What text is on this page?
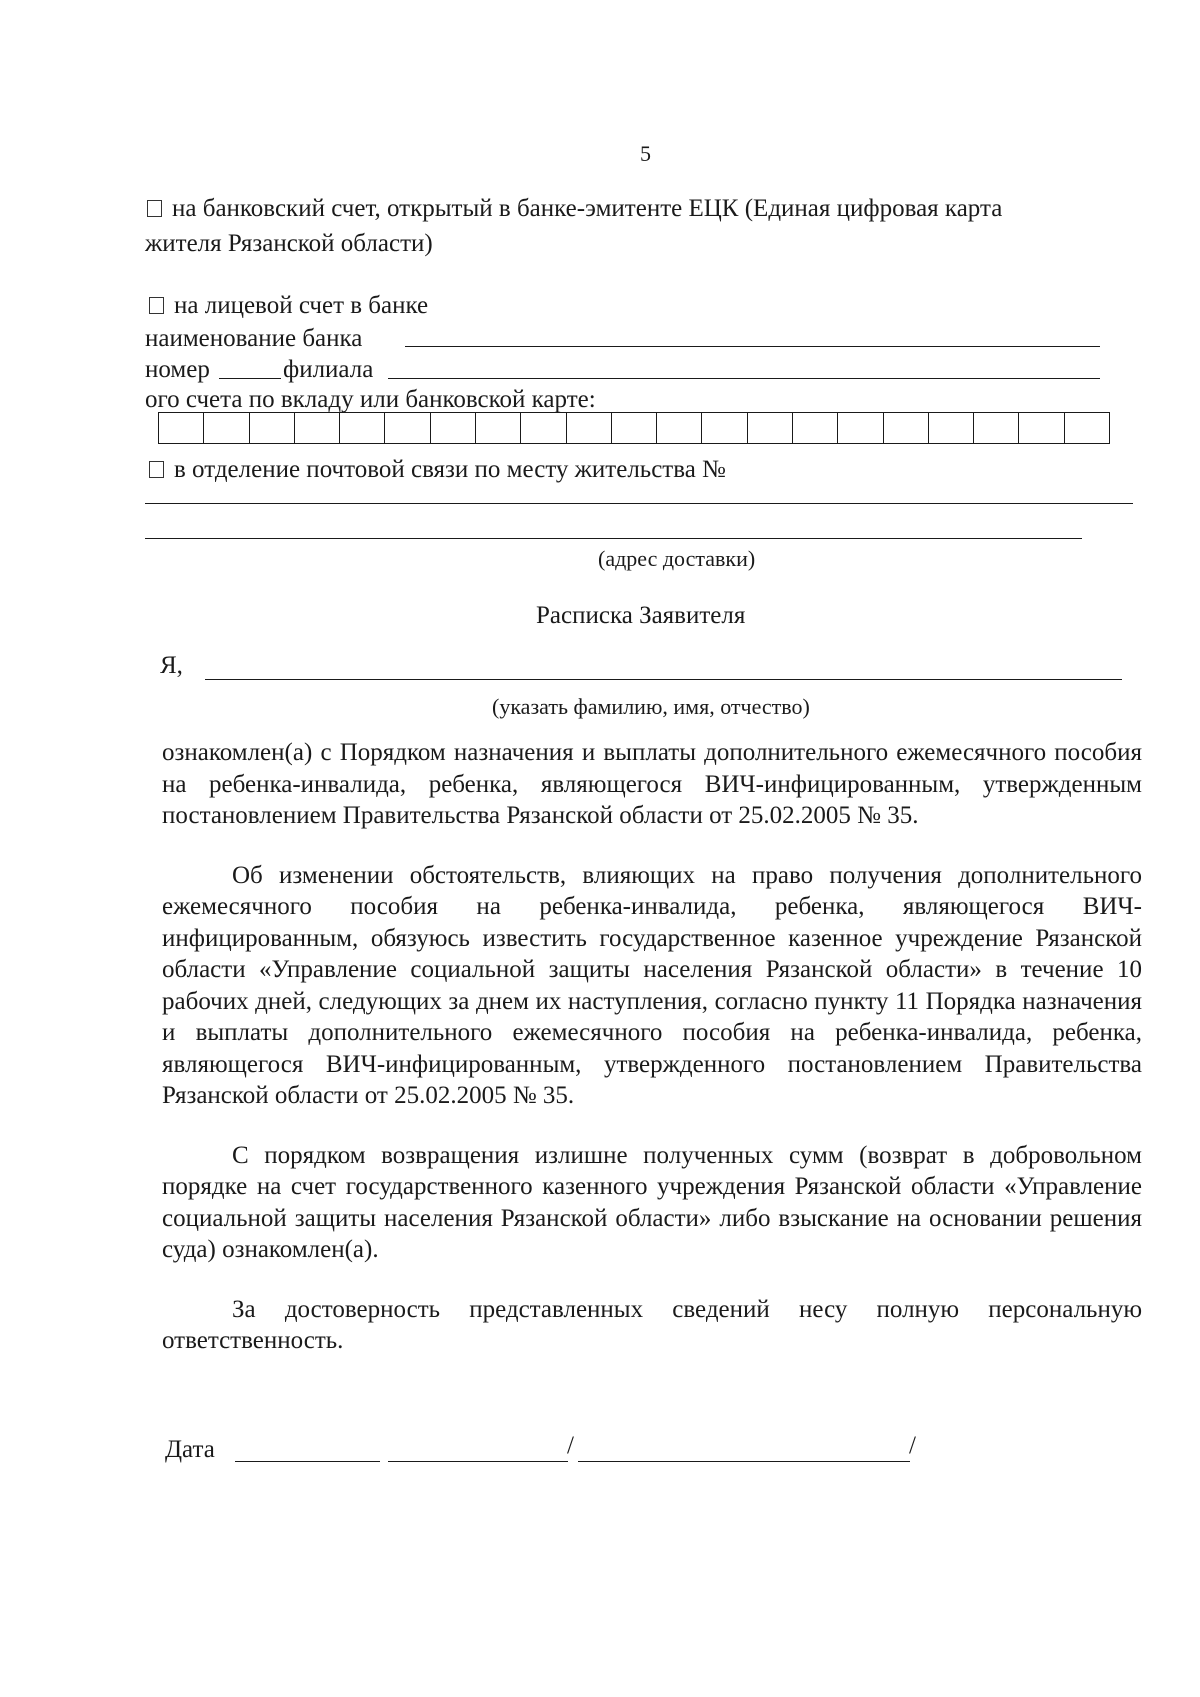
5
на банковский счет, открытый в банке-эмитенте ЕЦК (Единая цифровая карта
жителя Рязанской области)
на лицевой счет в банке
наименование банка
номер	филиала
ого счета по вкладу или банковской карте:
в отделение почтовой связи по месту жительства №
(адрес доставки)
Расписка Заявителя
Я,
(указать фамилию, имя, отчество)

ознакомлен(а) с Порядком назначения и выплаты дополнительного ежемесячного пособия на ребенка-инвалида, ребенка, являющегося ВИЧ-инфицированным, утвержденным постановлением Правительства Рязанской области от 25.02.2005 № 35.

Об изменении обстоятельств, влияющих на право получения дополнительного ежемесячного пособия на ребенка-инвалида, ребенка, являющегося ВИЧ-инфицированным, обязуюсь известить государственное казенное учреждение Рязанской области «Управление социальной защиты населения Рязанской области» в течение 10 рабочих дней, следующих за днем их наступления, согласно пункту 11 Порядка назначения и выплаты дополнительного ежемесячного пособия на ребенка-инвалида, ребенка, являющегося ВИЧ-инфицированным, утвержденного постановлением Правительства Рязанской области от 25.02.2005 № 35.

С порядком возвращения излишне полученных сумм (возврат в добровольном порядке на счет государственного казенного учреждения Рязанской области «Управление социальной защиты населения Рязанской области» либо взыскание на основании решения суда) ознакомлен(а).

За достоверность представленных сведений несу полную персональную ответственность.

Дата	/	/
